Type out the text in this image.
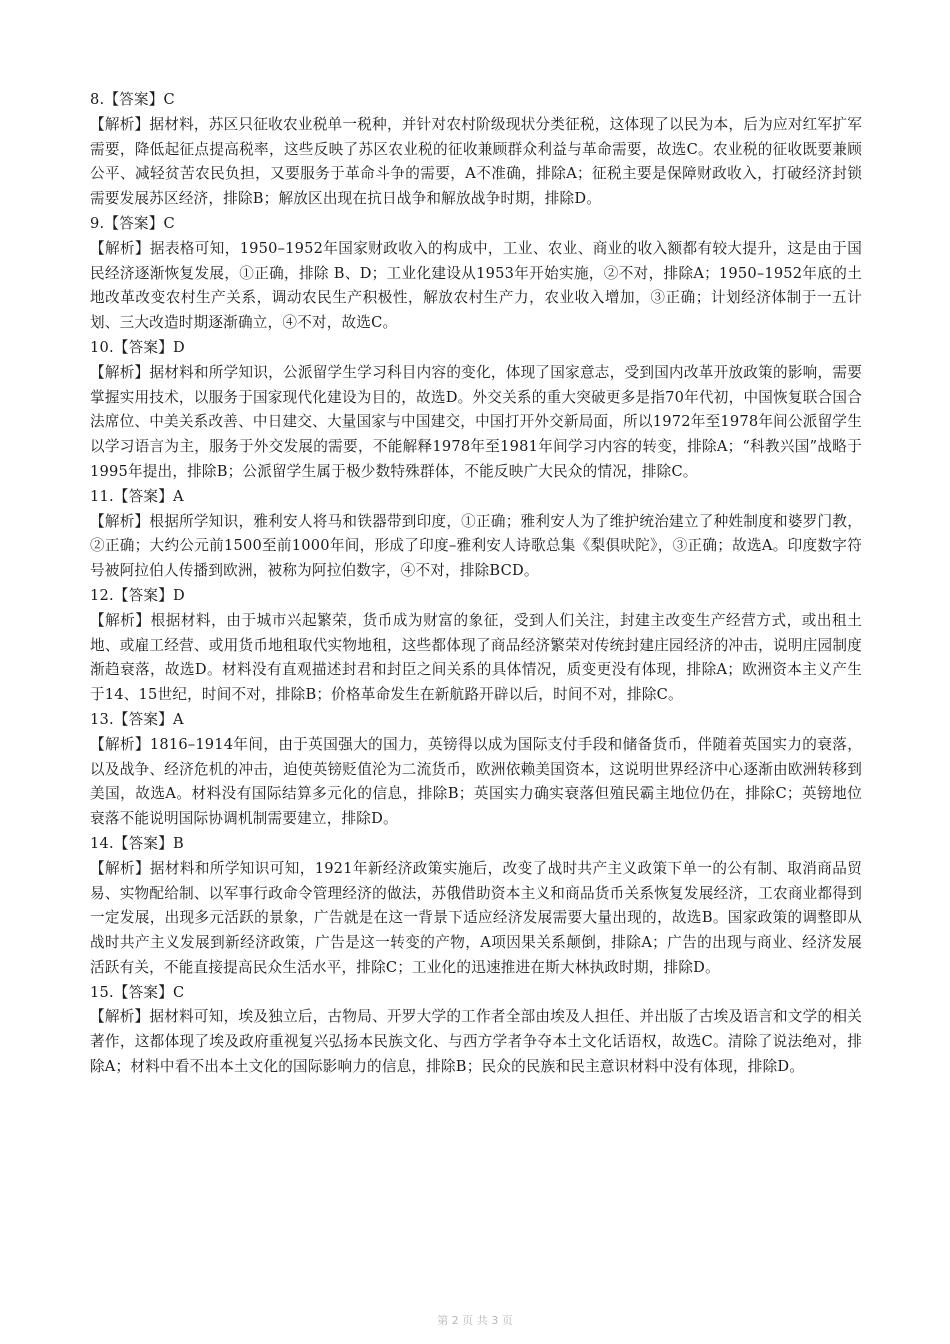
8.【答案】C
【解析】据材料，苏区只征收农业税单一税种，并针对农村阶级现状分类征税，这体现了以民为本，后为应对红军扩军需要，降低起征点提高税率，这些反映了苏区农业税的征收兼顾群众利益与革命需要，故选C。农业税的征收既要兼顾公平、减轻贫苦农民负担，又要服务于革命斗争的需要，A不准确，排除A；征税主要是保障财政收入，打破经济封锁需要发展苏区经济，排除B；解放区出现在抗日战争和解放战争时期，排除D。
9.【答案】C
【解析】据表格可知，1950–1952年国家财政收入的构成中，工业、农业、商业的收入额都有较大提升，这是由于国民经济逐渐恢复发展，①正确，排除 B、D；工业化建设从1953年开始实施，②不对，排除A；1950–1952年底的土地改革改变农村生产关系，调动农民生产积极性，解放农村生产力，农业收入增加，③正确；计划经济体制于一五计划、三大改造时期逐渐确立，④不对，故选C。
10.【答案】D
【解析】据材料和所学知识，公派留学生学习科目内容的变化，体现了国家意志，受到国内改革开放政策的影响，需要掌握实用技术，以服务于国家现代化建设为目的，故选D。外交关系的重大突破更多是指70年代初，中国恢复联合国合法席位、中美关系改善、中日建交、大量国家与中国建交，中国打开外交新局面，所以1972年至1978年间公派留学生以学习语言为主，服务于外交发展的需要，不能解释1978年至1981年间学习内容的转变，排除A；“科教兴国”战略于1995年提出，排除B；公派留学生属于极少数特殊群体，不能反映广大民众的情况，排除C。
11.【答案】A
【解析】根据所学知识，雅利安人将马和铁器带到印度，①正确；雅利安人为了维护统治建立了种姓制度和婆罗门教，②正确；大约公元前1500至前1000年间，形成了印度–雅利安人诗歌总集《梨俱吠陀》，③正确；故选A。印度数字符号被阿拉伯人传播到欧洲，被称为阿拉伯数字，④不对，排除BCD。
12.【答案】D
【解析】根据材料，由于城市兴起繁荣，货币成为财富的象征，受到人们关注，封建主改变生产经营方式，或出租土地、或雇工经营、或用货币地租取代实物地租，这些都体现了商品经济繁荣对传统封建庄园经济的冲击，说明庄园制度渐趋衰落，故选D。材料没有直观描述封君和封臣之间关系的具体情况，质变更没有体现，排除A；欧洲资本主义产生于14、15世纪，时间不对，排除B；价格革命发生在新航路开辟以后，时间不对，排除C。
13.【答案】A
【解析】1816–1914年间，由于英国强大的国力，英镑得以成为国际支付手段和储备货币，伴随着英国实力的衰落，以及战争、经济危机的冲击，迫使英镑贬值沦为二流货币，欧洲依赖美国资本，这说明世界经济中心逐渐由欧洲转移到美国，故选A。材料没有国际结算多元化的信息，排除B；英国实力确实衰落但殖民霸主地位仍在，排除C；英镑地位衰落不能说明国际协调机制需要建立，排除D。
14.【答案】B
【解析】据材料和所学知识可知，1921年新经济政策实施后，改变了战时共产主义政策下单一的公有制、取消商品贸易、实物配给制、以军事行政命令管理经济的做法，苏俄借助资本主义和商品货币关系恢复发展经济，工农商业都得到一定发展，出现多元活跃的景象，广告就是在这一背景下适应经济发展需要大量出现的，故选B。国家政策的调整即从战时共产主义发展到新经济政策，广告是这一转变的产物，A项因果关系颠倒，排除A；广告的出现与商业、经济发展活跃有关，不能直接提高民众生活水平，排除C；工业化的迅速推进在斯大林执政时期，排除D。
15.【答案】C
【解析】据材料可知，埃及独立后，古物局、开罗大学的工作者全部由埃及人担任、并出版了古埃及语言和文学的相关著作，这都体现了埃及政府重视复兴弘扬本民族文化、与西方学者争夺本土文化话语权，故选C。清除了说法绝对，排除A；材料中看不出本土文化的国际影响力的信息，排除B；民众的民族和民主意识材料中没有体现，排除D。
第 2 页 共 3 页
